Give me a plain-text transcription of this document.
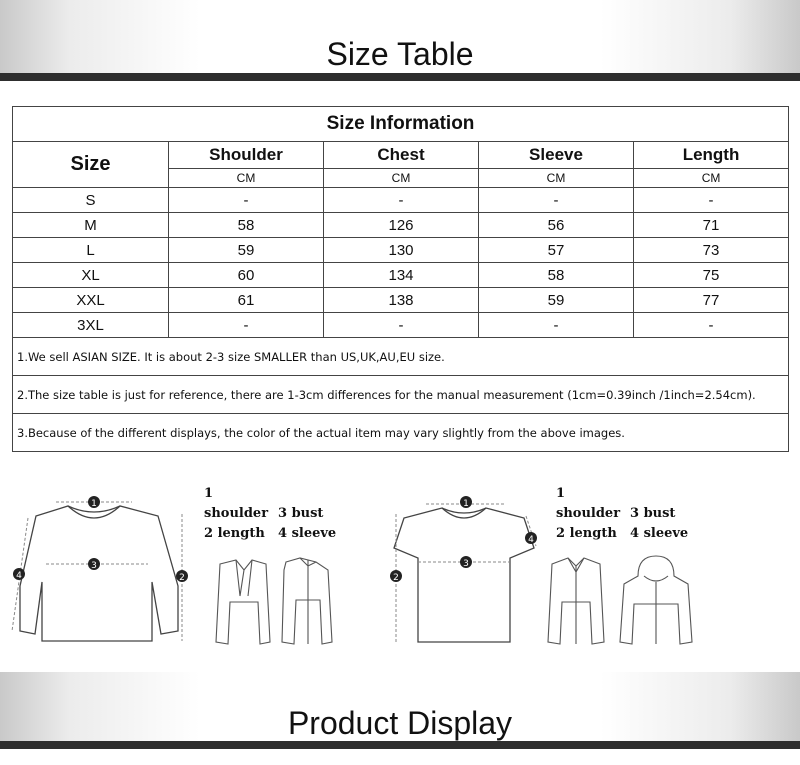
Size Table
Size Information				
Size	Shoulder	Chest	Sleeve	Length
	CM	CM	CM	CM
S	-	-	-	-
M	58	126	56	71
L	59	130	57	73
XL	60	134	58	75
XXL	61	138	59	77
3XL	-	-	-	-
1.We sell ASIAN SIZE. It is about 2-3 size SMALLER than US,UK,AU,EU size.				
2.The size table is just for reference, there are 1-3cm differences for the manual measurement (1cm=0.39inch /1inch=2.54cm).				
3.Because of the different displays, the color of the actual item may vary slightly from the above images.				
1
3
2
4
1 shoulder 3 bust
2 length 4 sleeve
1
3
2
4
1 shoulder 3 bust
2 length 4 sleeve
Product Display
